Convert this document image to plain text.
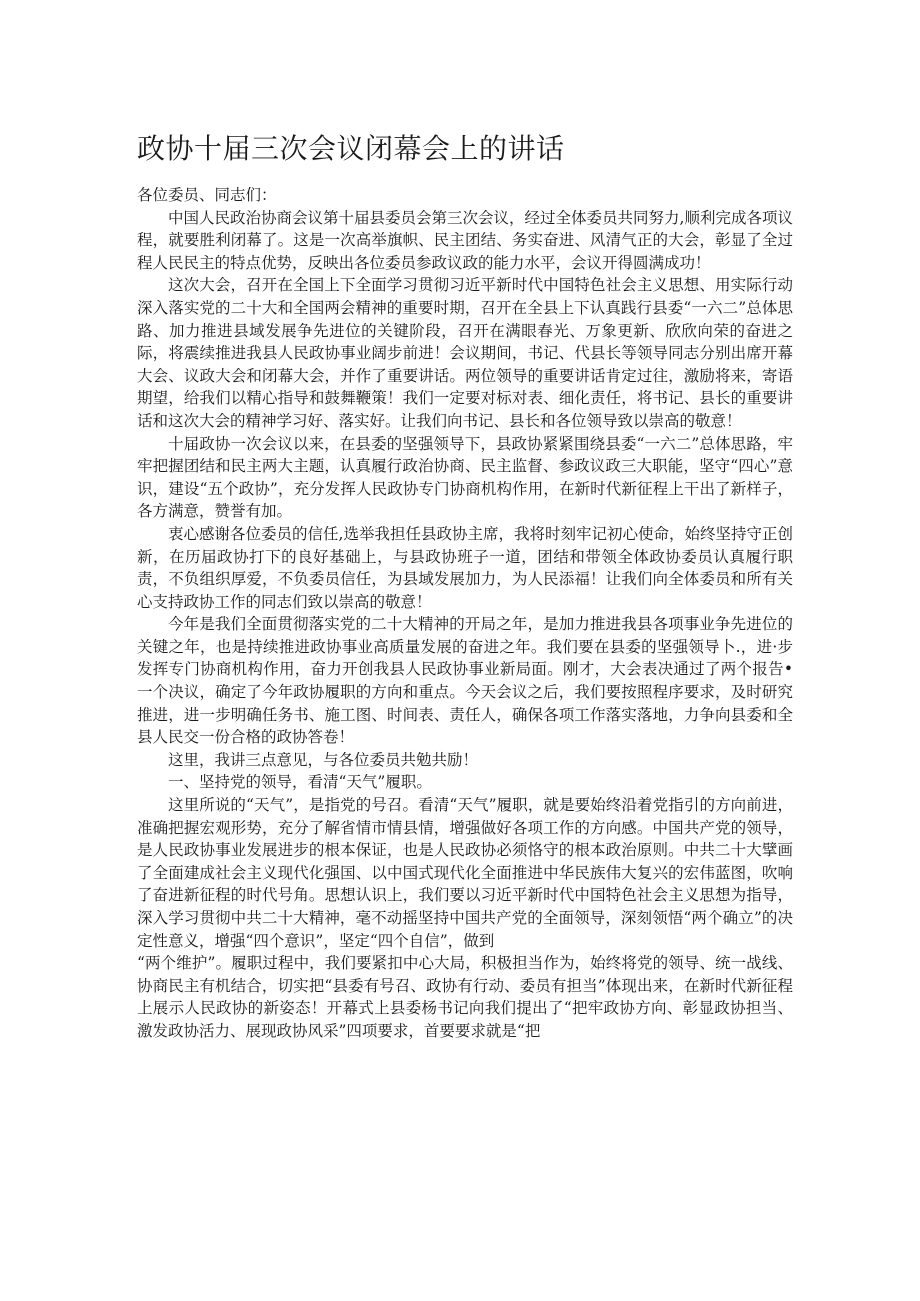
政协十届三次会议闭幕会上的讲话

各位委员、同志们：

中国人民政治协商会议第十届县委员会第三次会议，经过全体委员共同努力,顺利完成各项议程，就要胜利闭幕了。这是一次高举旗帜、民主团结、务实奋进、风清气正的大会，彰显了全过程人民民主的特点优势，反映出各位委员参政议政的能力水平，会议开得圆满成功！

这次大会，召开在全国上下全面学习贯彻习近平新时代中国特色社会主义思想、用实际行动深入落实党的二十大和全国两会精神的重要时期，召开在全县上下认真践行县委“一六二”总体思路、加力推进县域发展争先进位的关键阶段，召开在满眼春光、万象更新、欣欣向荣的奋进之际，将震续推进我县人民政协事业阔步前进！会议期间，书记、代县长等领导同志分别出席开幕大会、议政大会和闭幕大会，并作了重要讲话。两位领导的重要讲话肯定过往，激励将来，寄语期望，给我们以精心指导和鼓舞鞭策！我们一定要对标对表、细化责任，将书记、县长的重要讲话和这次大会的精神学习好、落实好。让我们向书记、县长和各位领导致以崇高的敬意！

十届政协一次会议以来，在县委的坚强领导下，县政协紧紧围绕县委“一六二”总体思路，牢牢把握团结和民主两大主题，认真履行政治协商、民主监督、参政议政三大职能，坚守“四心”意识，建设“五个政协”，充分发挥人民政协专门协商机构作用，在新时代新征程上干出了新样子，各方满意，赞誉有加。

衷心感谢各位委员的信任,选举我担任县政协主席，我将时刻牢记初心使命，始终坚持守正创新，在历届政协打下的良好基础上，与县政协班子一道，团结和带领全体政协委员认真履行职责，不负组织厚爱，不负委员信任，为县域发展加力，为人民添福！让我们向全体委员和所有关心支持政协工作的同志们致以崇高的敬意！

今年是我们全面贯彻落实党的二十大精神的开局之年，是加力推进我县各项事业争先进位的关键之年，也是持续推进政协事业高质量发展的奋进之年。我们要在县委的坚强领导卜.，进·步发挥专门协商机构作用，奋力开创我县人民政协事业新局面。刚才，大会表决通过了两个报告•一个决议，确定了今年政协履职的方向和重点。今天会议之后，我们要按照程序要求，及时研究推进，进一步明确任务书、施工图、时间表、责任人，确保各项工作落实落地，力争向县委和全县人民交一份合格的政协答卷！

这里，我讲三点意见，与各位委员共勉共励！

一、坚持党的领导，看清“天气”履职。

这里所说的“天气”，是指党的号召。看清“天气”履职，就是要始终沿着党指引的方向前进，准确把握宏观形势，充分了解省情市情县情，增强做好各项工作的方向感。中国共产党的领导，是人民政协事业发展进步的根本保证，也是人民政协必须恪守的根本政治原则。中共二十大擘画了全面建成社会主义现代化强国、以中国式现代化全面推进中华民族伟大复兴的宏伟蓝图，吹响了奋进新征程的时代号角。思想认识上，我们要以习近平新时代中国特色社会主义思想为指导，深入学习贯彻中共二十大精神，毫不动摇坚持中国共产党的全面领导，深刻领悟“两个确立”的决定性意义，增强“四个意识”，坚定“四个自信”，做到

“两个维护”。履职过程中，我们要紧扣中心大局，积极担当作为，始终将党的领导、统一战线、协商民主有机结合，切实把“县委有号召、政协有行动、委员有担当”体现出来，在新时代新征程上展示人民政协的新姿态！开幕式上县委杨书记向我们提出了“把牢政协方向、彰显政协担当、激发政协活力、展现政协风采”四项要求，首要要求就是“把
